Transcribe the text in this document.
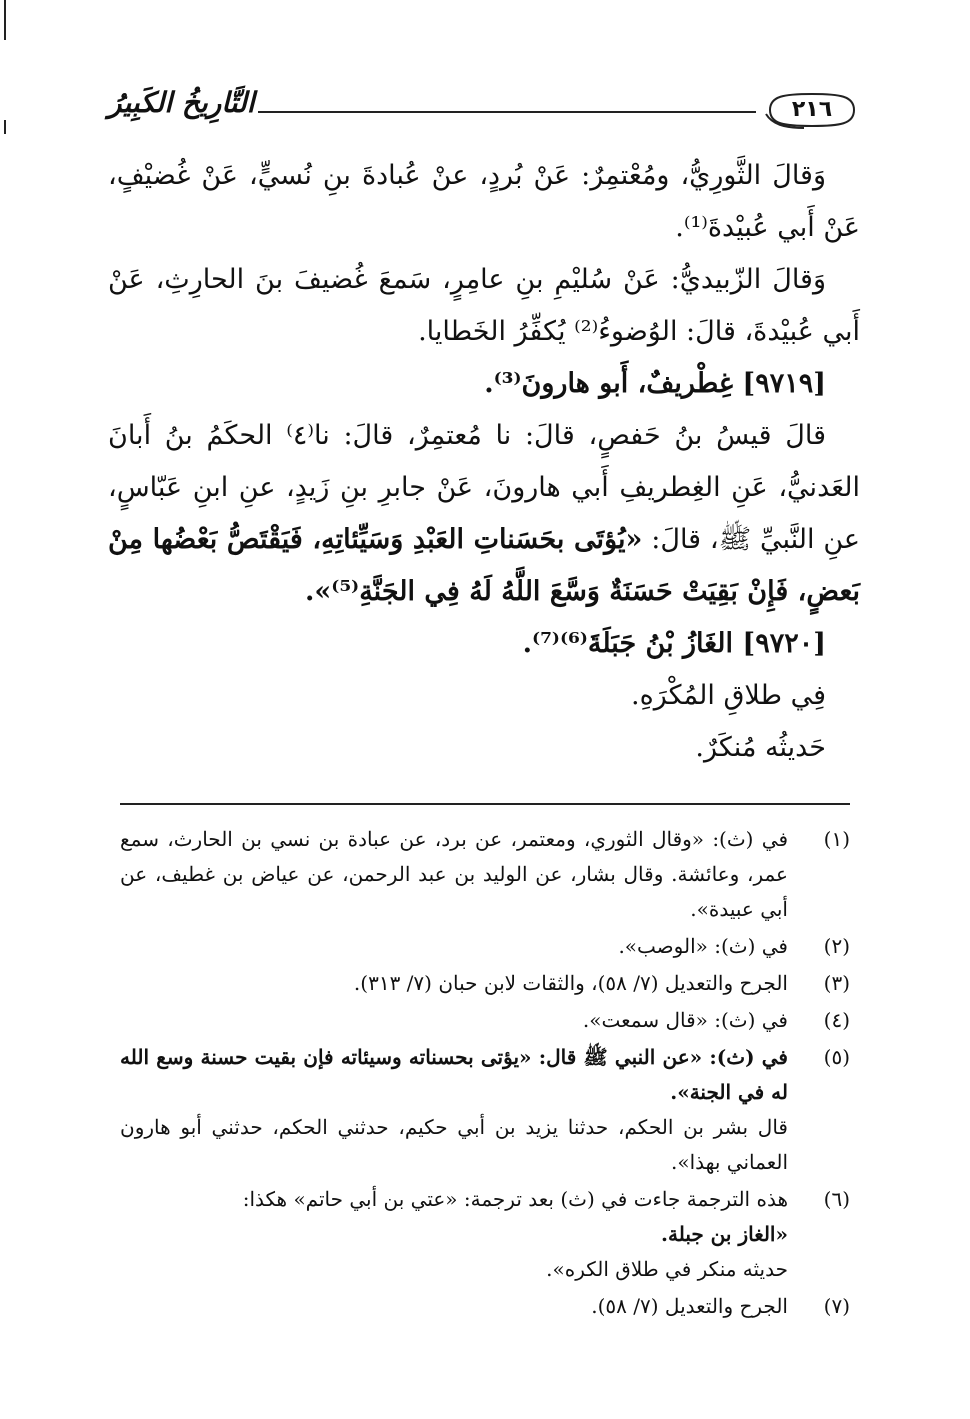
٢١٦
التَّارِيخُ الكَبِيرُ

وَقالَ الثَّورِيُّ، ومُعْتمِرٌ: عَنْ بُردٍ، عنْ عُبادةَ بنِ نُسيٍّ، عَنْ غُضيْفٍ، عَنْ أَبي عُبيْدةَ⁽¹⁾.

وَقالَ الزّبيديُّ: عَنْ سُليْمِ بنِ عامِرٍ، سَمعَ غُضيفَ بنَ الحارِثِ، عَنْ أَبي عُبيْدةَ، قالَ: الوُضوءُ⁽²⁾ يُكفِّرُ الخَطايا.

[٩٧١٩] غِطْريفٌ، أَبو هارونَ⁽³⁾.

قالَ قيسُ بنُ حَفصٍ، قالَ: نا مُعتمِرٌ، قالَ: نا⁽٤⁾ الحكَمُ بنُ أَبانَ العَدنيُّ، عَنِ الغِطريفِ أَبي هارونَ، عَنْ جابرِ بنِ زَيدٍ، عنِ ابنِ عَبّاسٍ، عنِ النَّبيِّ ﷺ، قالَ: «يُؤتَى بحَسَناتِ العَبْدِ وَسَيِّئاتِهِ، فَيَقْتَصُّ بَعْضُها مِنْ بَعضٍ، فَإِنْ بَقِيَتْ حَسَنَةٌ وَسَّعَ اللَّهُ لَهُ فِي الجَنَّةِ⁽⁵⁾».

[٩٧٢٠] الغَازُ بْنُ جَبَلَةَ⁽⁶⁾⁽⁷⁾.

فِي طلاقِ المُكْرَهِ.

حَديثُه مُنكَرٌ.

(١)

في (ث): «وقال الثوري، ومعتمر، عن برد، عن عبادة بن نسي بن الحارث، سمع عمر، وعائشة. وقال بشار، عن الوليد بن عبد الرحمن، عن عياض بن غطيف، عن أبي عبيدة».

(٢)

في (ث): «الوصب».

(٣)

الجرح والتعديل (٧/ ٥٨)، والثقات لابن حبان (٧/ ٣١٣).

(٤)

في (ث): «قال سمعت».

(٥)

في (ث): «عن النبي ﷺ قال: «يؤتى بحسناته وسيئاته فإن بقيت حسنة وسع الله له في الجنة».

قال بشر بن الحكم، حدثنا يزيد بن أبي حكيم، حدثني الحكم، حدثني أبو هارون العماني بهذا».

(٦)

هذه الترجمة جاءت في (ث) بعد ترجمة: «عتي بن أبي حاتم» هكذا:

«الغاز بن جبلة.

حديثه منكر في طلاق الكره».

(٧)

الجرح والتعديل (٧/ ٥٨).
